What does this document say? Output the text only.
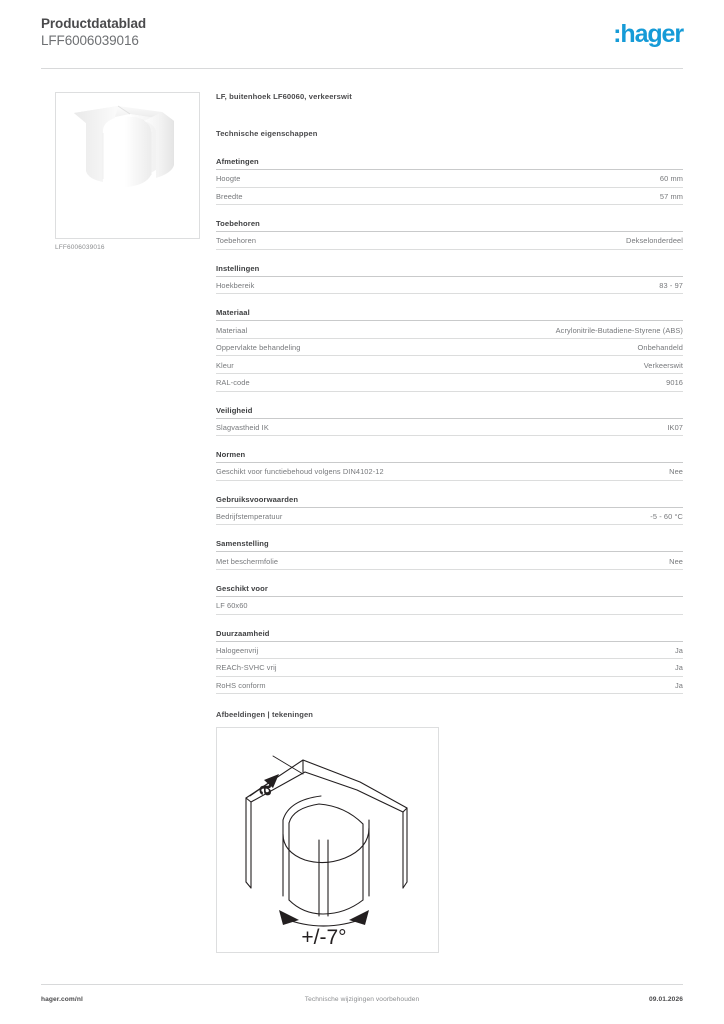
Productdatablad
LFF6006039016	:hager
LFF6006039016
LF, buitenhoek LF60060, verkeerswit
Technische eigenschappen
Afmetingen
Hoogte	60 mm
Breedte	57 mm
Toebehoren
Toebehoren	Dekselonderdeel
Instellingen
Hoekbereik	83 - 97
Materiaal
Materiaal	Acrylonitrile-Butadiene-Styrene (ABS)
Oppervlakte behandeling	Onbehandeld
Kleur	Verkeerswit
RAL-code	9016
Veiligheid
Slagvastheid IK	IK07
Normen
Geschikt voor functiebehoud volgens DIN4102-12	Nee
Gebruiksvoorwaarden
Bedrijfstemperatuur	-5 - 60 °C
Samenstelling
Met beschermfolie	Nee
Geschikt voor
LF 60x60
Duurzaamheid
Halogeenvrij	Ja
REACh-SVHC vrij	Ja
RoHS conform	Ja
Afbeeldingen | tekeningen
a
+/-7°
hager.com/nl	Technische wijzigingen voorbehouden	09.01.2026
